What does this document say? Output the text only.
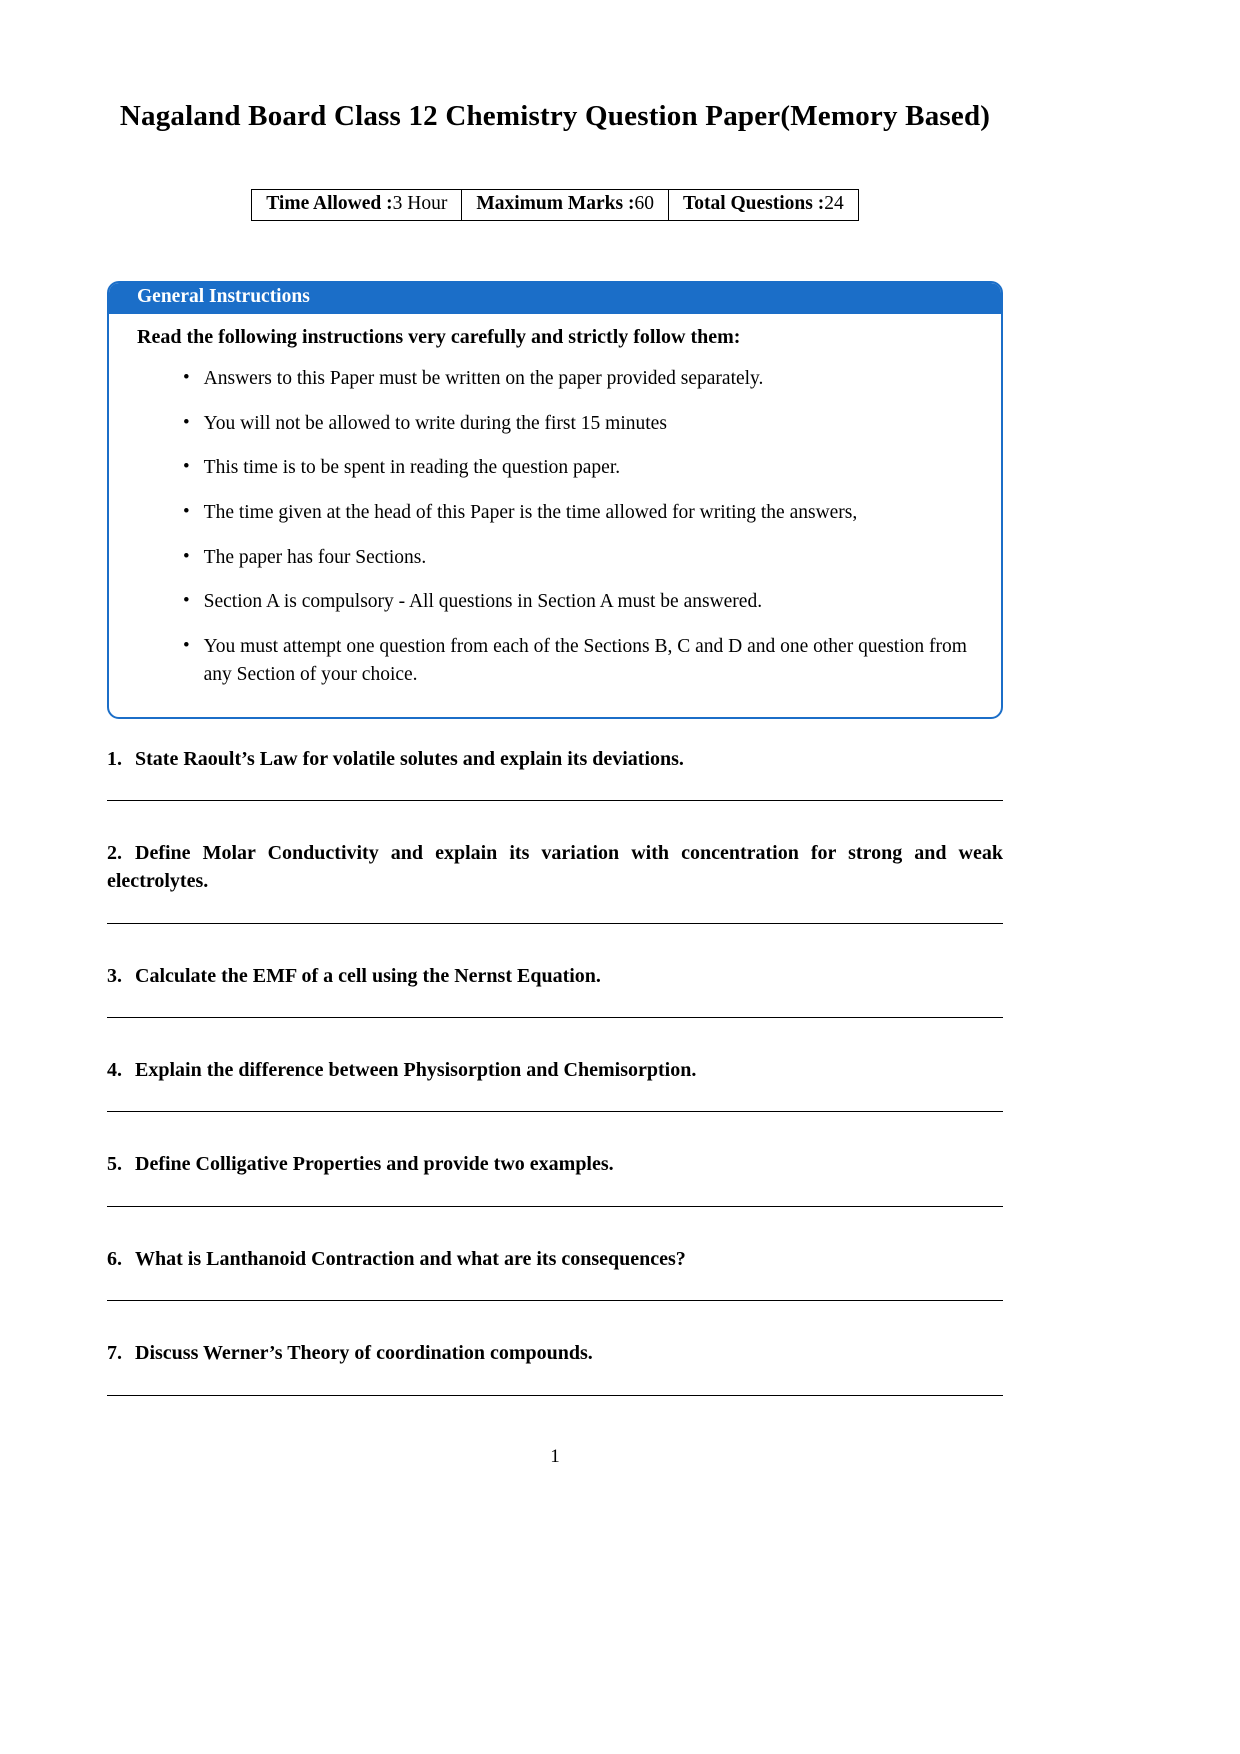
Nagaland Board Class 12 Chemistry Question Paper(Memory Based)
Time Allowed :3 Hour	Maximum Marks :60	Total Questions :24
General Instructions
Read the following instructions very carefully and strictly follow them:
• Answers to this Paper must be written on the paper provided separately.
• You will not be allowed to write during the first 15 minutes
• This time is to be spent in reading the question paper.
• The time given at the head of this Paper is the time allowed for writing the answers,
• The paper has four Sections.
• Section A is compulsory - All questions in Section A must be answered.
• You must attempt one question from each of the Sections B, C and D and one other question from any Section of your choice.
1. State Raoult’s Law for volatile solutes and explain its deviations.
2. Define Molar Conductivity and explain its variation with concentration for strong and weak electrolytes.
3. Calculate the EMF of a cell using the Nernst Equation.
4. Explain the difference between Physisorption and Chemisorption.
5. Define Colligative Properties and provide two examples.
6. What is Lanthanoid Contraction and what are its consequences?
7. Discuss Werner’s Theory of coordination compounds.
1
